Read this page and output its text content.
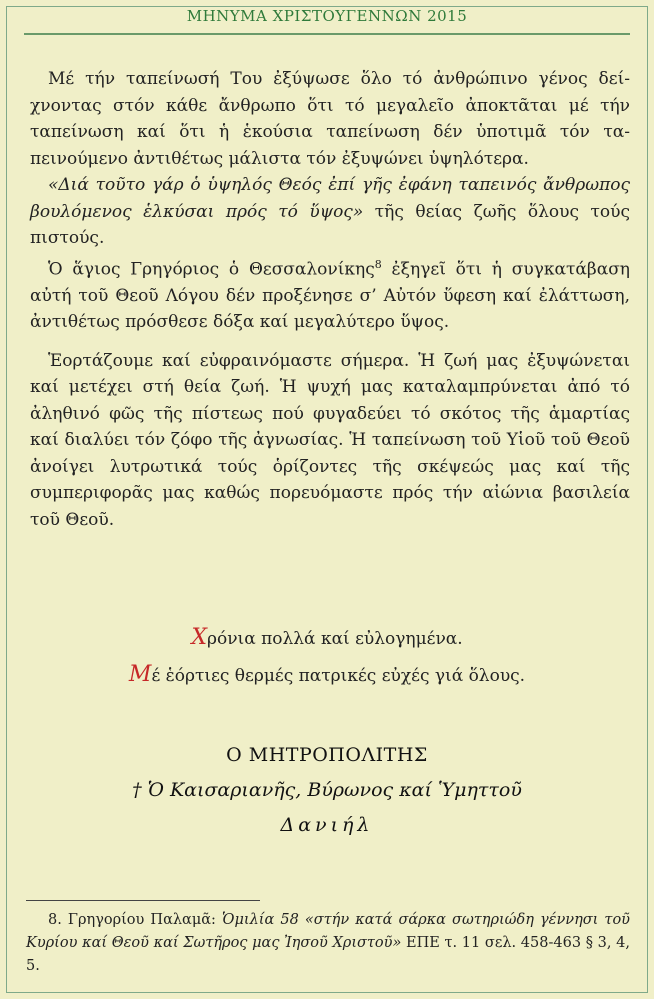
ΜΗΝΥΜΑ ΧΡΙΣΤΟΥΓΕΝΝΩΝ 2015

Μέ τήν ταπείνωσή Του ἐξύψωσε ὅλο τό ἀνθρώπινο γένος δείχνοντας στόν κάθε ἄνθρωπο ὅτι τό μεγαλεῖο ἀποκτᾶται μέ τήν ταπείνωση καί ὅτι ἡ ἑκούσια ταπείνωση δέν ὑποτιμᾶ τόν ταπεινούμενο ἀντιθέτως μάλιστα τόν ἐξυψώνει ὑψηλότερα.

«Διά τοῦτο γάρ ὁ ὑψηλός Θεός ἐπί γῆς ἐφάνη ταπεινός ἄνθρωπος βουλόμενος ἑλκύσαι πρός τό ὕψος» τῆς θείας ζωῆς ὅλους τούς πιστούς.

Ὁ ἅγιος Γρηγόριος ὁ Θεσσαλονίκης$^8$ ἐξηγεῖ ὅτι ἡ συγκατάβαση αὐτή τοῦ Θεοῦ Λόγου δέν προξένησε σ’ Αὐτόν ὕφεση καί ἐλάττωση, ἀντιθέτως πρόσθεσε δόξα καί μεγαλύτερο ὕψος.

Ἑορτάζουμε καί εὐφραινόμαστε σήμερα. Ἡ ζωή μας ἐξυψώνεται καί μετέχει στή θεία ζωή. Ἡ ψυχή μας καταλαμπρύνεται ἀπό τό ἀληθινό φῶς τῆς πίστεως πού φυγαδεύει τό σκότος τῆς ἁμαρτίας καί διαλύει τόν ζόφο τῆς ἀγνωσίας. Ἡ ταπείνωση τοῦ Υἱοῦ τοῦ Θεοῦ ἀνοίγει λυτρωτικά τούς ὁρίζοντες τῆς σκέψεώς μας καί τῆς συμπεριφορᾶς μας καθώς πορευόμαστε πρός τήν αἰώνια βασιλεία τοῦ Θεοῦ.

Χρόνια πολλά καί εὐλογημένα.
Μέ ἑόρτιες θερμές πατρικές εὐχές γιά ὅλους.
Ο ΜΗΤΡΟΠΟΛΙΤΗΣ
† Ὁ Καισαριανῆς, Βύρωνος καί Ὑμηττοῦ
Δανιήλ
8. Γρηγορίου Παλαμᾶ: Ὁμιλία 58 «στήν κατά σάρκα σωτηριώδη γέννησι τοῦ Κυρίου καί Θεοῦ καί Σωτῆρος μας Ἰησοῦ Χριστοῦ» ΕΠΕ τ. 11 σελ. 458-463 § 3, 4, 5.
